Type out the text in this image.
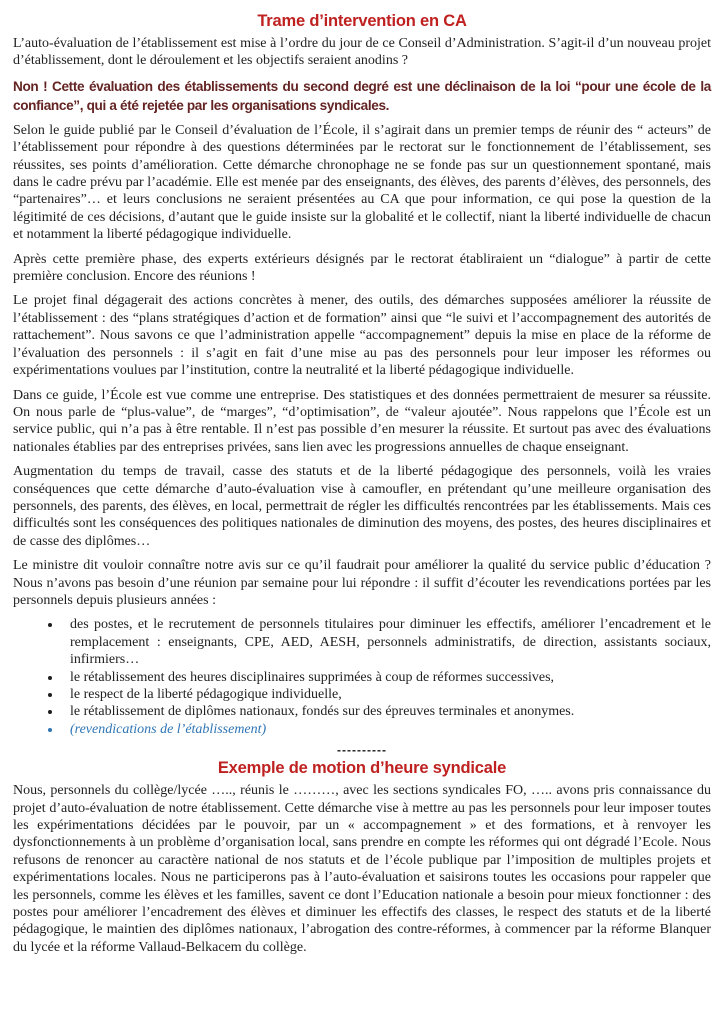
Trame d’intervention en CA

L’auto-évaluation de l’établissement est mise à l’ordre du jour de ce Conseil d’Administration. S’agit-il d’un nouveau projet d’établissement, dont le déroulement et les objectifs seraient anodins ?

Non ! Cette évaluation des établissements du second degré est une déclinaison de la loi “pour une école de la confiance”, qui a été rejetée par les organisations syndicales.

Selon le guide publié par le Conseil d’évaluation de l’École, il s’agirait dans un premier temps de réunir des “ acteurs” de l’établissement pour répondre à des questions déterminées par le rectorat sur le fonctionnement de l’établissement, ses réussites, ses points d’amélioration. Cette démarche chronophage ne se fonde pas sur un questionnement spontané, mais dans le cadre prévu par l’académie. Elle est menée par des enseignants, des élèves, des parents d’élèves, des personnels, des “partenaires”… et leurs conclusions ne seraient présentées au CA que pour information, ce qui pose la question de la légitimité de ces décisions, d’autant que le guide insiste sur la globalité et le collectif, niant la liberté individuelle de chacun et notamment la liberté pédagogique individuelle.

Après cette première phase, des experts extérieurs désignés par le rectorat établiraient un “dialogue” à partir de cette première conclusion. Encore des réunions !

Le projet final dégagerait des actions concrètes à mener, des outils, des démarches supposées améliorer la réussite de l’établissement : des “plans stratégiques d’action et de formation” ainsi que “le suivi et l’accompagnement des autorités de rattachement”. Nous savons ce que l’administration appelle “accompagnement” depuis la mise en place de la réforme de l’évaluation des personnels : il s’agit en fait d’une mise au pas des personnels pour leur imposer les réformes ou expérimentations voulues par l’institution, contre la neutralité et la liberté pédagogique individuelle.

Dans ce guide, l’École est vue comme une entreprise. Des statistiques et des données permettraient de mesurer sa réussite. On nous parle de “plus-value”, de “marges”, “d’optimisation”, de “valeur ajoutée”. Nous rappelons que l’École est un service public, qui n’a pas à être rentable. Il n’est pas possible d’en mesurer la réussite. Et surtout pas avec des évaluations nationales établies par des entreprises privées, sans lien avec les progressions annuelles de chaque enseignant.

Augmentation du temps de travail, casse des statuts et de la liberté pédagogique des personnels, voilà les vraies conséquences que cette démarche d’auto-évaluation vise à camoufler, en prétendant qu’une meilleure organisation des personnels, des parents, des élèves, en local, permettrait de régler les difficultés rencontrées par les établissements. Mais ces difficultés sont les conséquences des politiques nationales de diminution des moyens, des postes, des heures disciplinaires et de casse des diplômes…

Le ministre dit vouloir connaître notre avis sur ce qu’il faudrait pour améliorer la qualité du service public d’éducation ? Nous n’avons pas besoin d’une réunion par semaine pour lui répondre : il suffit d’écouter les revendications portées par les personnels depuis plusieurs années :

• des postes, et le recrutement de personnels titulaires pour diminuer les effectifs, améliorer l’encadrement et le remplacement : enseignants, CPE, AED, AESH, personnels administratifs, de direction, assistants sociaux, infirmiers…
• le rétablissement des heures disciplinaires supprimées à coup de réformes successives,
• le respect de la liberté pédagogique individuelle,
• le rétablissement de diplômes nationaux, fondés sur des épreuves terminales et anonymes.
• (revendications de l’établissement)
----------
Exemple de motion d’heure syndicale

Nous, personnels du collège/lycée ….., réunis le ………, avec les sections syndicales FO, ….. avons pris connaissance du projet d’auto-évaluation de notre établissement. Cette démarche vise à mettre au pas les personnels pour leur imposer toutes les expérimentations décidées par le pouvoir, par un « accompagnement » et des formations, et à renvoyer les dysfonctionnements à un problème d’organisation local, sans prendre en compte les réformes qui ont dégradé l’Ecole. Nous refusons de renoncer au caractère national de nos statuts et de l’école publique par l’imposition de multiples projets et expérimentations locales. Nous ne participerons pas à l’auto-évaluation et saisirons toutes les occasions pour rappeler que les personnels, comme les élèves et les familles, savent ce dont l’Education nationale a besoin pour mieux fonctionner : des postes pour améliorer l’encadrement des élèves et diminuer les effectifs des classes, le respect des statuts et de la liberté pédagogique, le maintien des diplômes nationaux, l’abrogation des contre-réformes, à commencer par la réforme Blanquer du lycée et la réforme Vallaud-Belkacem du collège.
